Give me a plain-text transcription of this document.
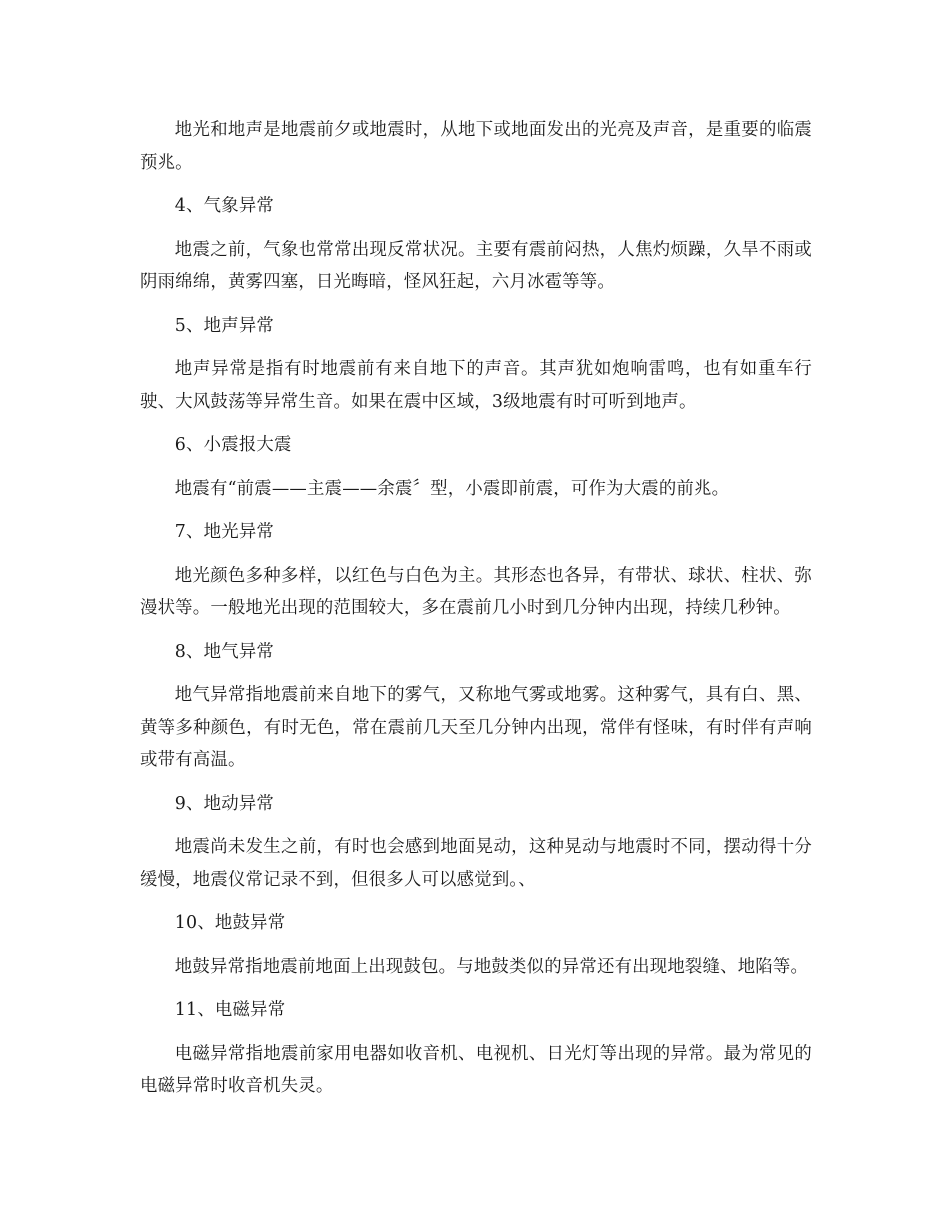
地光和地声是地震前夕或地震时，从地下或地面发出的光亮及声音，是重要的临震预兆。

4、气象异常

地震之前，气象也常常出现反常状况。主要有震前闷热，人焦灼烦躁，久旱不雨或阴雨绵绵，黄雾四塞，日光晦暗，怪风狂起，六月冰雹等等。

5、地声异常

地声异常是指有时地震前有来自地下的声音。其声犹如炮响雷鸣，也有如重车行驶、大风鼓荡等异常生音。如果在震中区域，3级地震有时可听到地声。

6、小震报大震

地震有“前震——主震——余震〞型，小震即前震，可作为大震的前兆。

7、地光异常

地光颜色多种多样，以红色与白色为主。其形态也各异，有带状、球状、柱状、弥漫状等。一般地光出现的范围较大，多在震前几小时到几分钟内出现，持续几秒钟。

8、地气异常

地气异常指地震前来自地下的雾气，又称地气雾或地雾。这种雾气，具有白、黑、黄等多种颜色，有时无色，常在震前几天至几分钟内出现，常伴有怪味，有时伴有声响或带有高温。

9、地动异常

地震尚未发生之前，有时也会感到地面晃动，这种晃动与地震时不同，摆动得十分缓慢，地震仪常记录不到，但很多人可以感觉到。、

10、地鼓异常

地鼓异常指地震前地面上出现鼓包。与地鼓类似的异常还有出现地裂缝、地陷等。

11、电磁异常

电磁异常指地震前家用电器如收音机、电视机、日光灯等出现的异常。最为常见的电磁异常时收音机失灵。
